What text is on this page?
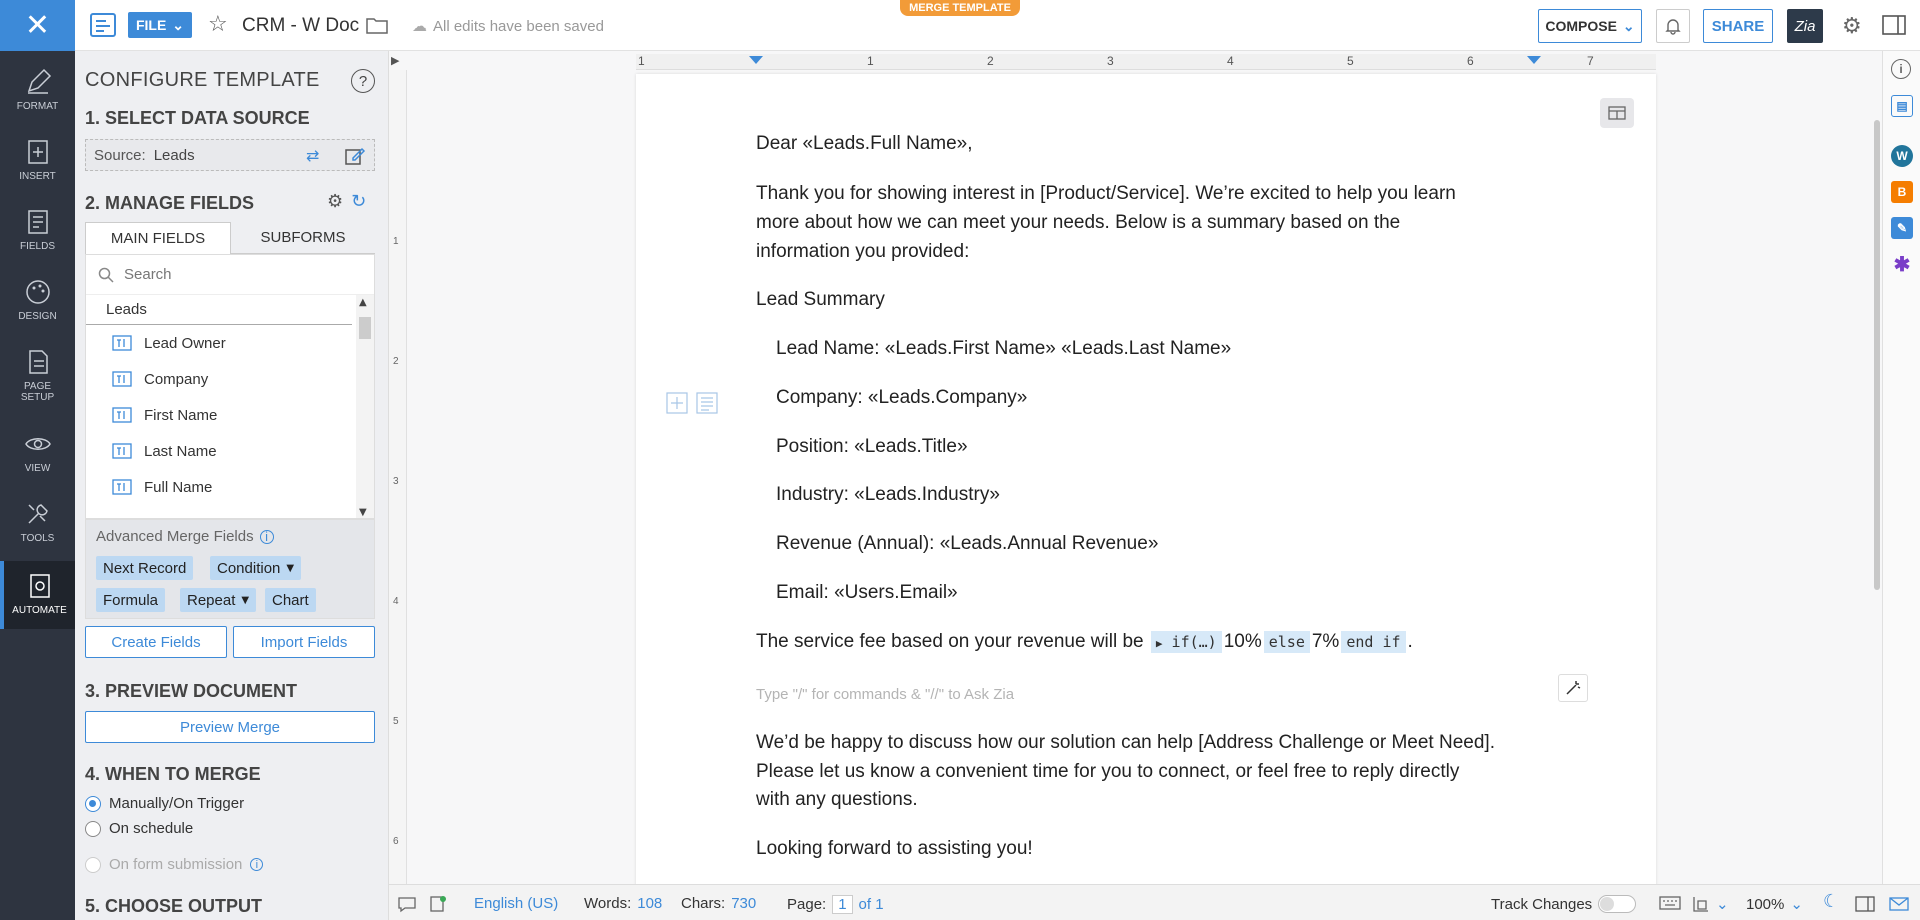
✕	FILE ⌄ ☆ CRM - W Doc	☁ All edits have been saved
MERGE TEMPLATE
COMPOSE ⌄	SHARE	Zia	⚙
FORMAT
INSERT
FIELDS
DESIGN
PAGE SETUP
VIEW
TOOLS
AUTOMATE
CONFIGURE TEMPLATE	?
1. SELECT DATA SOURCE
Source: Leads	⇄
2. MANAGE FIELDS	⚙ ↻
MAIN FIELDS	SUBFORMS
Search
Leads
Lead Owner
Company
First Name
Last Name
Full Name
▲
▼
Advanced Merge Fields i
Next Record Condition ▼
Formula Repeat ▼ Chart
Create Fields	Import Fields
3. PREVIEW DOCUMENT
Preview Merge
4. WHEN TO MERGE
Manually/On Trigger
On schedule
On form submission	i
5. CHOOSE OUTPUT
▶	1	1	2	3	4	5	6	7
1
2
3
4
5
6
Dear «Leads.Full Name»,
Thank you for showing interest in [Product/Service]. We’re excited to help you learn
more about how we can meet your needs. Below is a summary based on the
information you provided:
Lead Summary
Lead Name: «Leads.First Name» «Leads.Last Name»
Company: «Leads.Company»
Position: «Leads.Title»
Industry: «Leads.Industry»
Revenue (Annual): «Leads.Annual Revenue»
Email: «Users.Email»
The service fee based on your revenue will be ▶ if(…) 10% else 7% end if .
Type "/" for commands & "//" to Ask Zia
We’d be happy to discuss how our solution can help [Address Challenge or Meet Need].
Please let us know a convenient time for you to connect, or feel free to reply directly
with any questions.
Looking forward to assisting you!
i
▤
W
B
✎
✱
English (US) Words: 108 Chars: 730 Page: 1 of 1	Track Changes	⌄ 100% ⌄ ☾
